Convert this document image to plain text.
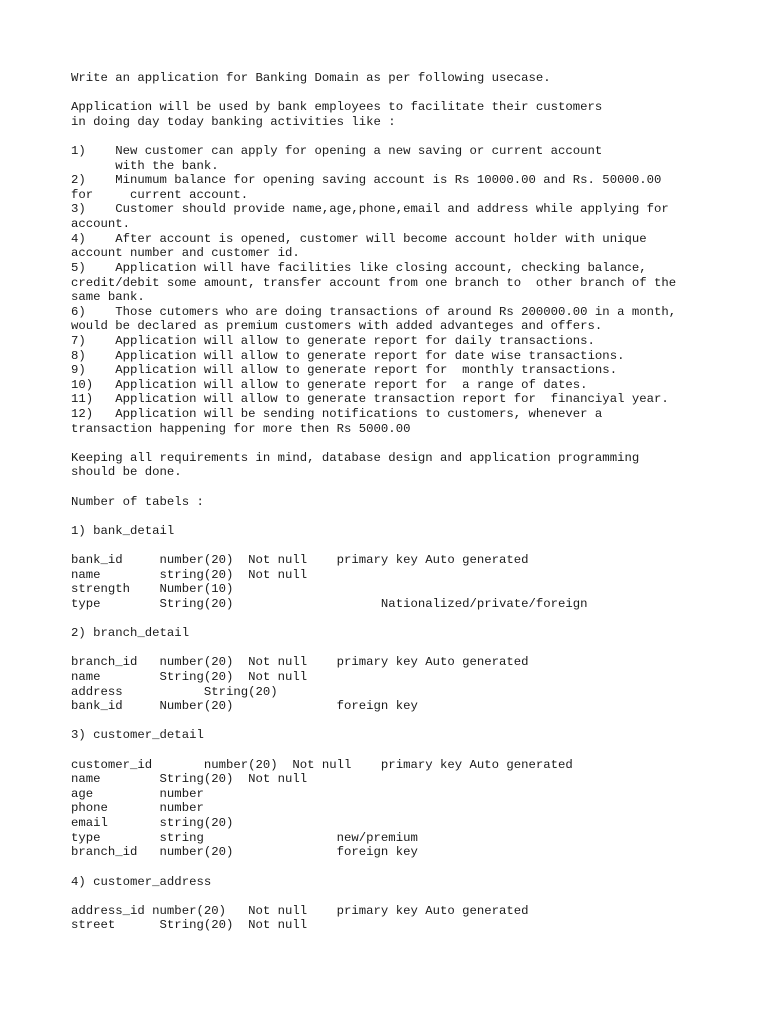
Write an application for Banking Domain as per following usecase.

Application will be used by bank employees to facilitate their customers
in doing day today banking activities like :

1)    New customer can apply for opening a new saving or current account
with the bank.
2)    Minumum balance for opening saving account is Rs 10000.00 and Rs. 50000.00
for     current account.
3)    Customer should provide name,age,phone,email and address while applying for
account.
4)    After account is opened, customer will become account holder with unique
account number and customer id.
5)    Application will have facilities like closing account, checking balance,
credit/debit some amount, transfer account from one branch to  other branch of the
same bank.
6)    Those cutomers who are doing transactions of around Rs 200000.00 in a month,
would be declared as premium customers with added advanteges and offers.
7)    Application will allow to generate report for daily transactions.
8)    Application will allow to generate report for date wise transactions.
9)    Application will allow to generate report for  monthly transactions.
10)   Application will allow to generate report for  a range of dates.
11)   Application will allow to generate transaction report for  financiyal year.
12)   Application will be sending notifications to customers, whenever a
transaction happening for more then Rs 5000.00

Keeping all requirements in mind, database design and application programming
should be done.

Number of tabels :

1) bank_detail

bank_id     number(20)  Not null    primary key Auto generated
name        string(20)  Not null
strength    Number(10)
type        String(20)                    Nationalized/private/foreign

2) branch_detail

branch_id   number(20)  Not null    primary key Auto generated
name        String(20)  Not null
address           String(20)
bank_id     Number(20)              foreign key

3) customer_detail

customer_id       number(20)  Not null    primary key Auto generated
name        String(20)  Not null
age         number
phone       number
email       string(20)
type        string                  new/premium
branch_id   number(20)              foreign key

4) customer_address

address_id number(20)   Not null    primary key Auto generated
street      String(20)  Not null
